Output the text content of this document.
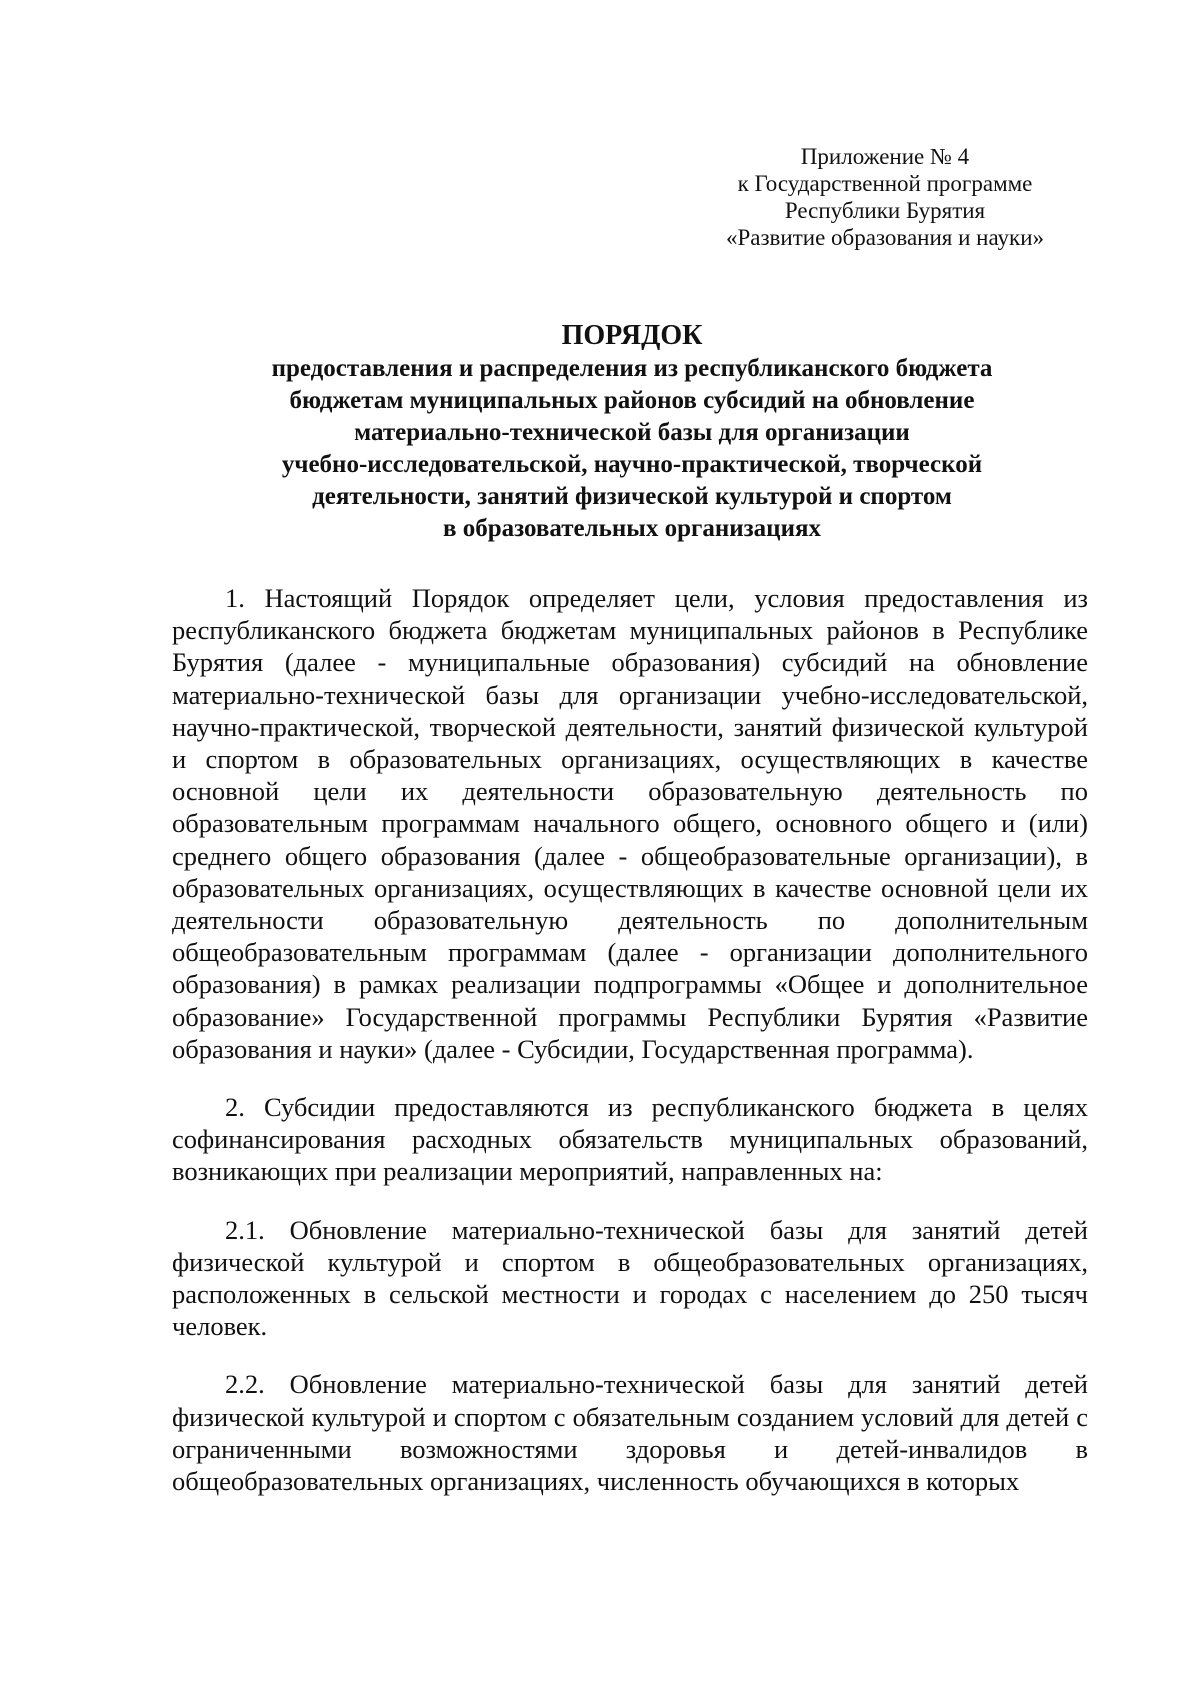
Приложение № 4
к Государственной программе
Республики Бурятия
«Развитие образования и науки»
ПОРЯДОК
предоставления и распределения из республиканского бюджета
бюджетам муниципальных районов субсидий на обновление
материально-технической базы для организации
учебно-исследовательской, научно-практической, творческой
деятельности, занятий физической культурой и спортом
в образовательных организациях

1. Настоящий Порядок определяет цели, условия предоставления из республиканского бюджета бюджетам муниципальных районов в Республике Бурятия (далее - муниципальные образования) субсидий на обновление материально-технической базы для организации учебно-исследовательской, научно-практической, творческой деятельности, занятий физической культурой и спортом в образовательных организациях, осуществляющих в качестве основной цели их деятельности образовательную деятельность по образовательным программам начального общего, основного общего и (или) среднего общего образования (далее - общеобразовательные организации), в образовательных организациях, осуществляющих в качестве основной цели их деятельности образовательную деятельность по дополнительным общеобразовательным программам (далее - организации дополнительного образования) в рамках реализации подпрограммы «Общее и дополнительное образование» Государственной программы Республики Бурятия «Развитие образования и науки» (далее - Субсидии, Государственная программа).

2. Субсидии предоставляются из республиканского бюджета в целях софинансирования расходных обязательств муниципальных образований, возникающих при реализации мероприятий, направленных на:

2.1. Обновление материально-технической базы для занятий детей физической культурой и спортом в общеобразовательных организациях, расположенных в сельской местности и городах с населением до 250 тысяч человек.

2.2. Обновление материально-технической базы для занятий детей физической культурой и спортом с обязательным созданием условий для детей с ограниченными возможностями здоровья и детей-инвалидов в общеобразовательных организациях, численность обучающихся в которых
